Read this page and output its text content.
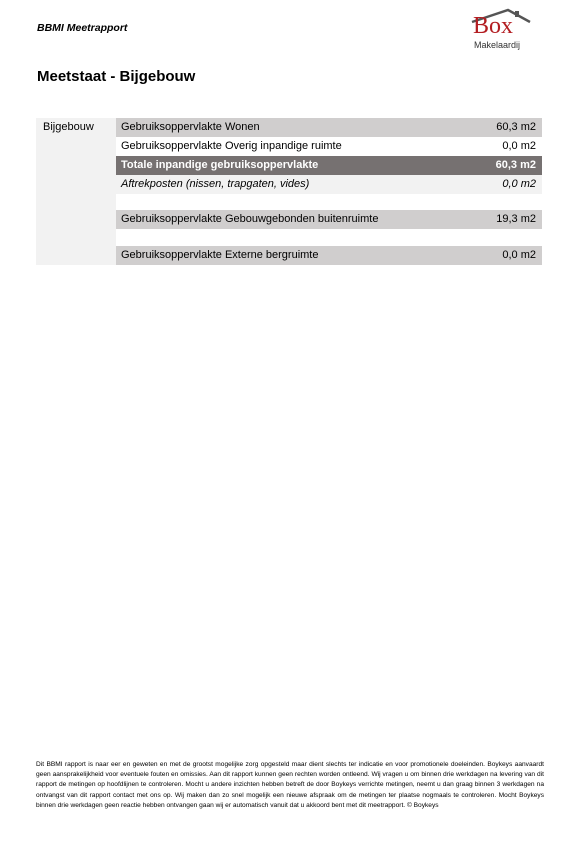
BBMI Meetrapport	Box
Makelaardij
Meetstaat - Bijgebouw
Bijgebouw Gebruiksoppervlakte Wonen	60,3 m2
Gebruiksoppervlakte Overig inpandige ruimte	0,0 m2
Totale inpandige gebruiksoppervlakte	60,3 m2
Aftrekposten (nissen, trapgaten, vides)	0,0 m2
Gebruiksoppervlakte Gebouwgebonden buitenruimte	19,3 m2
Gebruiksoppervlakte Externe bergruimte	0,0 m2
Dit BBMI rapport is naar eer en geweten en met de grootst mogelijke zorg opgesteld maar dient slechts ter indicatie en voor promotionele doeleinden. Boykeys aanvaardt geen aansprakelijkheid voor eventuele fouten en omissies. Aan dit rapport kunnen geen rechten worden ontleend. Wij vragen u om binnen drie werkdagen na levering van dit rapport de metingen op hoofdlijnen te controleren. Mocht u andere inzichten hebben betreft de door Boykeys verrichte metingen, neemt u dan graag binnen 3 werkdagen na ontvangst van dit rapport contact met ons op. Wij maken dan zo snel mogelijk een nieuwe afspraak om de metingen ter plaatse nogmaals te controleren. Mocht Boykeys binnen drie werkdagen geen reactie hebben ontvangen gaan wij er automatisch vanuit dat u akkoord bent met dit meetrapport. © Boykeys
